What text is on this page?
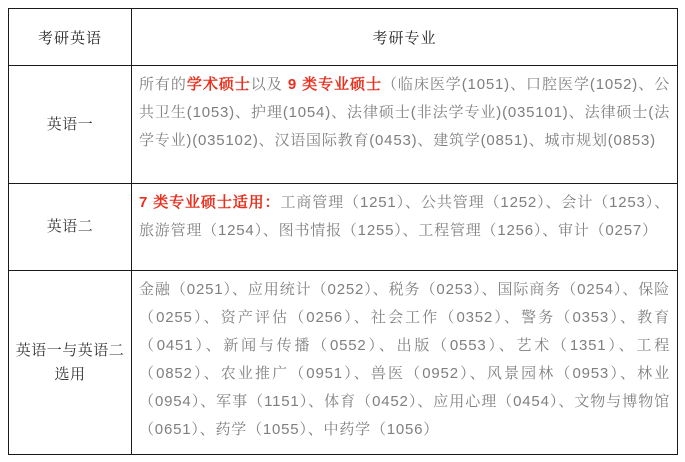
考研英语	考研专业
英语一
所有的学术硕士以及 9 类专业硕士（临床医学(1051)、口腔医学(1052)、公共卫生(1053)、护理(1054)、法律硕士(非法学专业)(035101)、法律硕士(法学专业)(035102)、汉语国际教育(0453)、建筑学(0851)、城市规划(0853)
英语二
7 类专业硕士适用：工商管理（1251）、公共管理（1252）、会计（1253）、旅游管理（1254）、图书情报（1255）、工程管理（1256）、审计（0257）
英语一与英语二选用
金融（0251）、应用统计（0252）、税务（0253）、国际商务（0254）、保险（0255）、资产评估（0256）、社会工作（0352）、警务（0353）、教育（0451）、新闻与传播（0552）、出版（0553）、艺术（1351）、工程（0852）、农业推广（0951）、兽医（0952）、风景园林（0953）、林业（0954）、军事（1151）、体育（0452）、应用心理（0454）、文物与博物馆（0651）、药学（1055）、中药学（1056）
